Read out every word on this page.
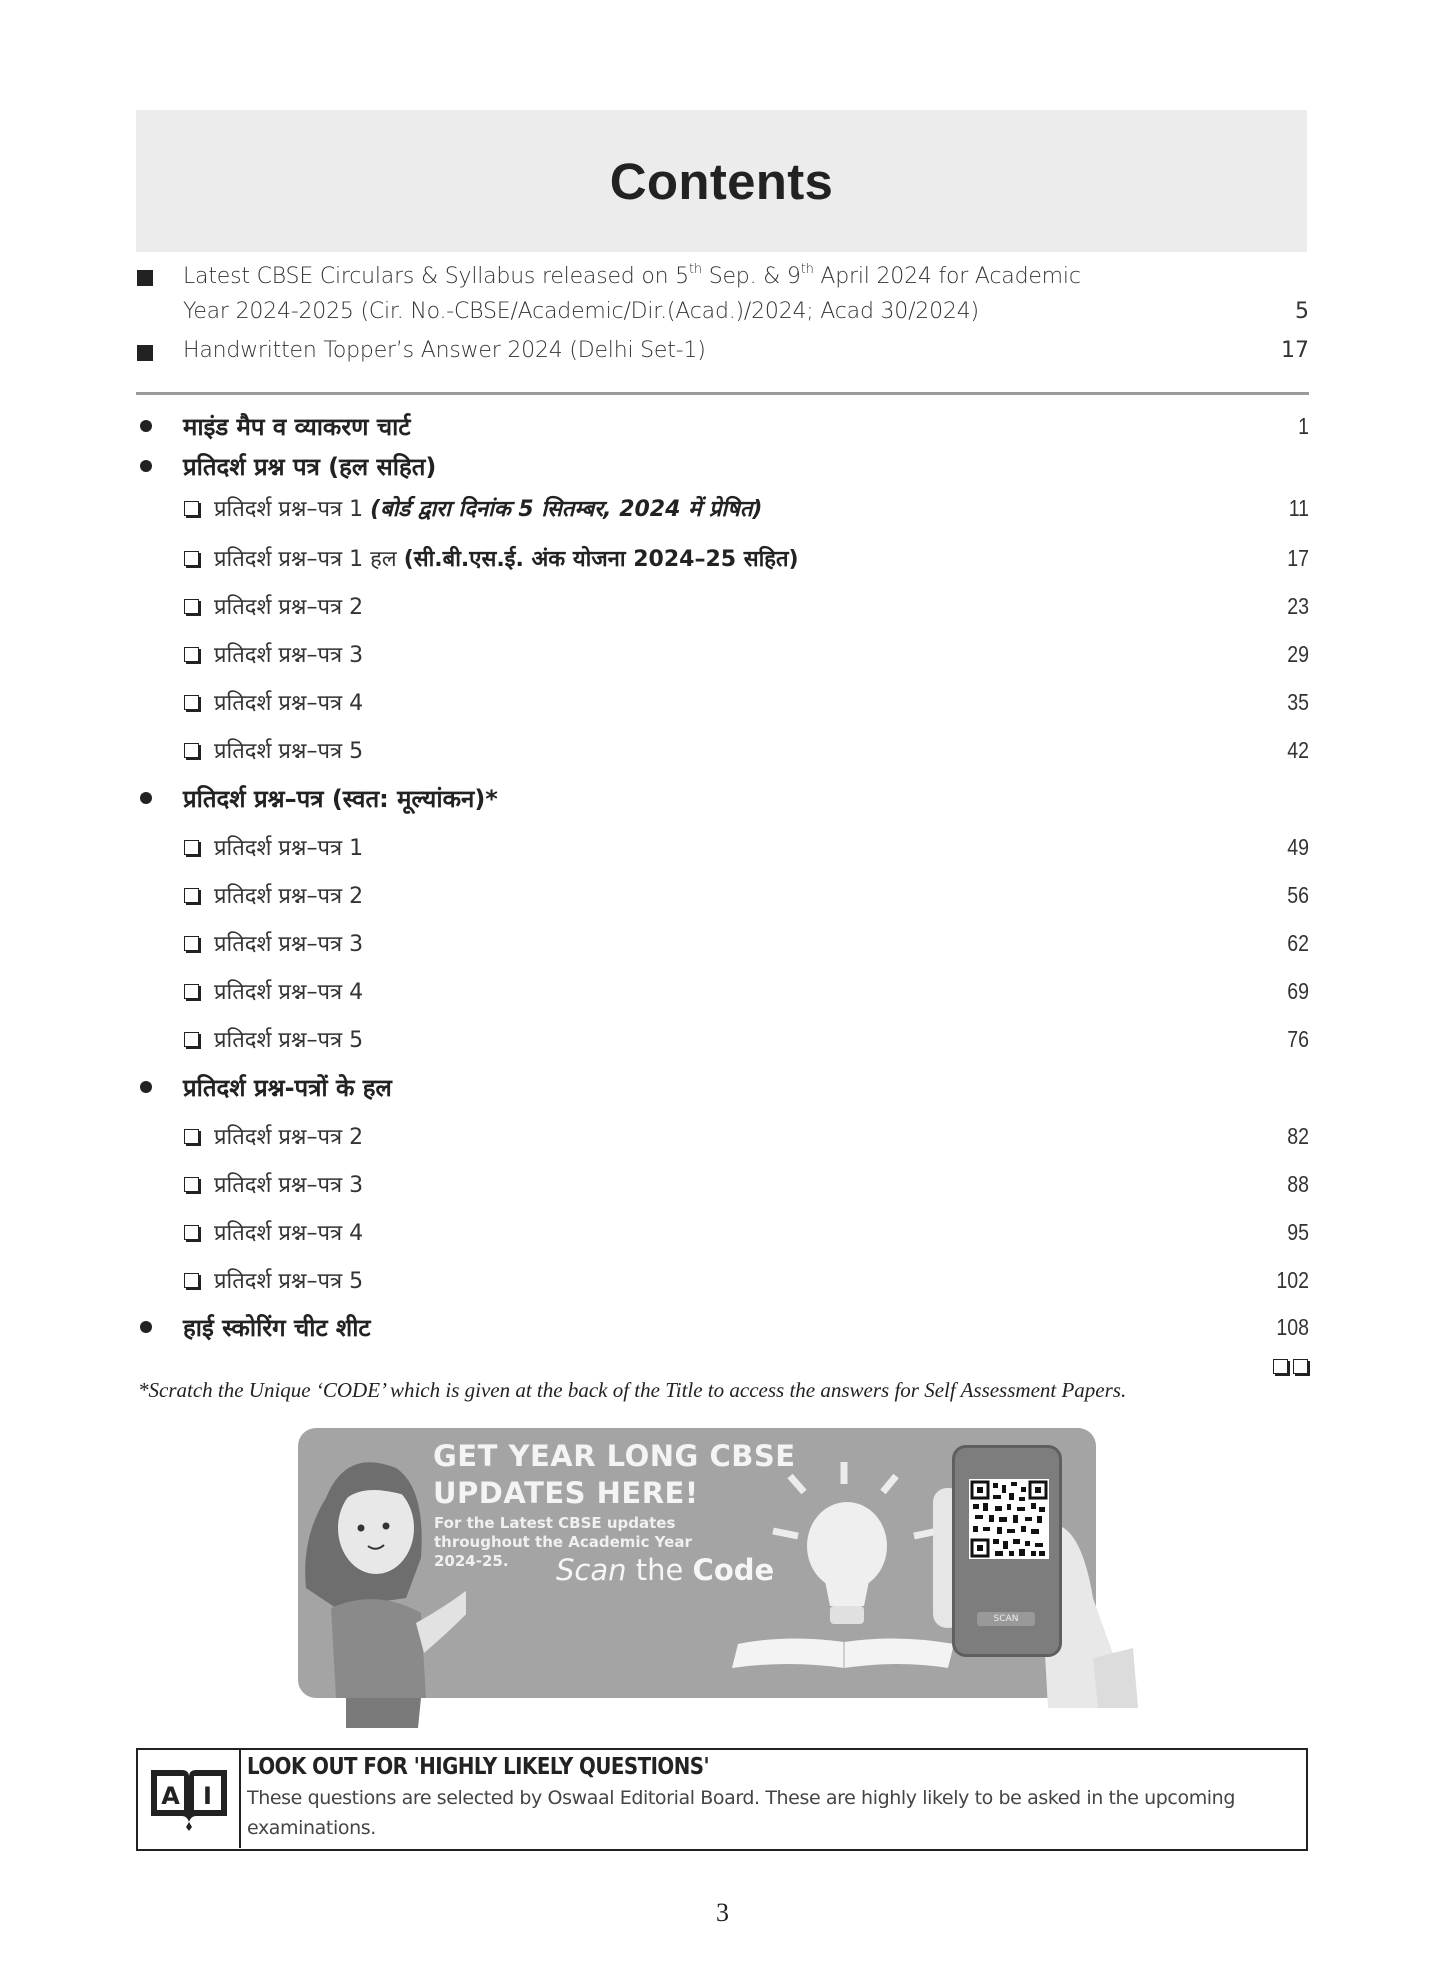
Contents
Latest CBSE Circulars & Syllabus released on 5th Sep. & 9th April 2024 for Academic
Year 2024-2025 (Cir. No.-CBSE/Academic/Dir.(Acad.)/2024; Acad 30/2024)	5
Handwritten Topper’s Answer 2024 (Delhi Set-1)	17
माइंड मैप व व्याकरण चार्ट	1
प्रतिदर्श प्रश्न पत्र (हल सहित)
प्रतिदर्श प्रश्न–पत्र 1 (बोर्ड द्वारा दिनांक 5 सितम्बर, 2024 में प्रेषित)	11
प्रतिदर्श प्रश्न–पत्र 1 हल (सी.बी.एस.ई. अंक योजना 2024–25 सहित)	17
प्रतिदर्श प्रश्न–पत्र 2	23
प्रतिदर्श प्रश्न–पत्र 3	29
प्रतिदर्श प्रश्न–पत्र 4	35
प्रतिदर्श प्रश्न–पत्र 5	42
प्रतिदर्श प्रश्न–पत्र (स्वत: मूल्यांकन)*
प्रतिदर्श प्रश्न–पत्र 1	49
प्रतिदर्श प्रश्न–पत्र 2	56
प्रतिदर्श प्रश्न–पत्र 3	62
प्रतिदर्श प्रश्न–पत्र 4	69
प्रतिदर्श प्रश्न–पत्र 5	76
प्रतिदर्श प्रश्न-पत्रों के हल
प्रतिदर्श प्रश्न–पत्र 2	82
प्रतिदर्श प्रश्न–पत्र 3	88
प्रतिदर्श प्रश्न–पत्र 4	95
प्रतिदर्श प्रश्न–पत्र 5	102
हाई स्कोरिंग चीट शीट	108
*Scratch the Unique ‘CODE’ which is given at the back of the Title to access the answers for Self Assessment Papers.
GET YEAR LONG CBSE
UPDATES HERE!
For the Latest CBSE updates
throughout the Academic Year
2024-25.	Scan the Code
SCAN
A I
LOOK OUT FOR 'HIGHLY LIKELY QUESTIONS'
These questions are selected by Oswaal Editorial Board. These are highly likely to be asked in the upcoming examinations.
3
